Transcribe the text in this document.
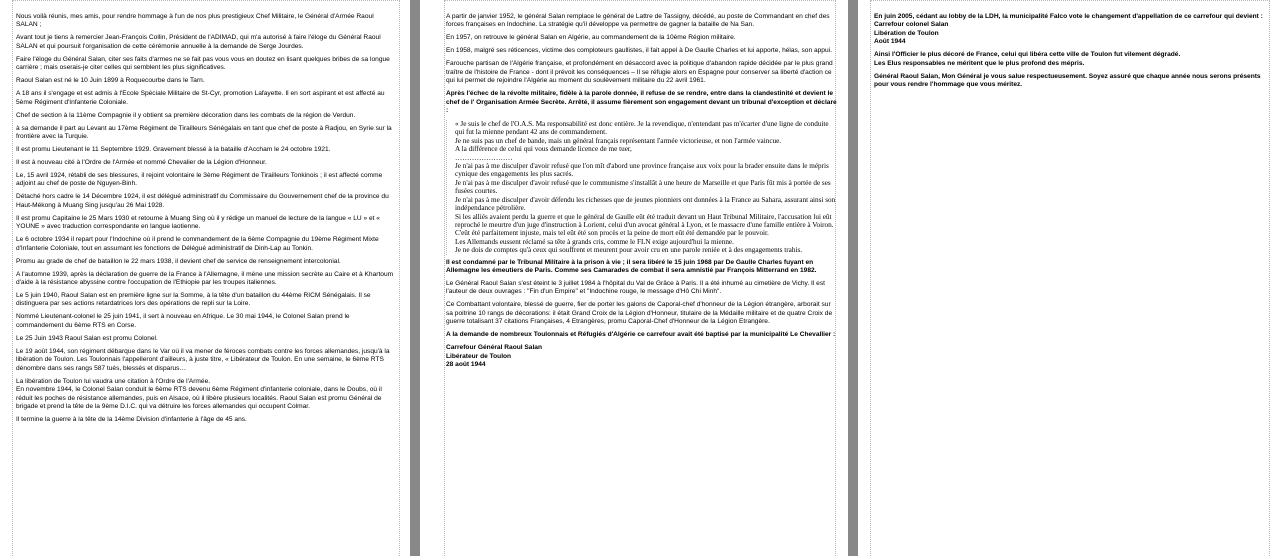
Nous voilà réunis, mes amis, pour rendre hommage à l'un de nos plus prestigieux Chef Militaire, le Général d'Armée Raoul SALAN ;

Avant tout je tiens à remercier Jean-François Collin, Président de l'ADIMAD, qui m'a autorisé à faire l'éloge du Général Raoul SALAN et qui poursuit l'organisation de cette cérémonie annuelle à la demande de Serge Jourdes.

Faire l'éloge du Général Salan, citer ses faits d'armes ne se fait pas vous vous en doutez en lisant quelques bribes de sa longue carrière ; mais oserais-je citer celles qui semblent les plus significatives.

Raoul Salan est né le 10 Juin 1899 à Roquecourbe dans le Tarn.

A 18 ans il s'engage et est admis à l'Ecole Spéciale Militaire de St-Cyr, promotion Lafayette. Il en sort aspirant et est affecté au 5ème Régiment d'Infanterie Coloniale.

Chef de section à la 11ème Compagnie il y obtient sa première décoration dans les combats de la région de Verdun.

à sa demande il part au Levant au 17ème Régiment de Tirailleurs Sénégalais en tant que chef de poste à Radjou, en Syrie sur la frontière avec la Turquie.

Il est promu Lieutenant le 11 Septembre 1929. Gravement blessé à la bataille d'Accham le 24 octobre 1921.

Il est à nouveau cité à l'Ordre de l'Armée et nommé Chevalier de la Légion d'Honneur.

Le, 15 avril 1924, rétabli de ses blessures, il rejoint volontaire le 3ème Régiment de Tirailleurs Tonkinois ; il est affecté comme adjoint au chef de poste de Nguyen-Binh.

Détaché hors cadre le 14 Décembre 1924, il est délégué administratif du Commissaire du Gouvernement chef de la province du Haut-Mékong à Muang Sing jusqu'au 26 Mai 1928.

Il est promu Capitaine le 25 Mars 1930 et retourne à Muang Sing où il y rédige un manuel de lecture de la langue « LU » et « YOUNE » avec traduction correspondante en langue laotienne.

Le 6 octobre 1934 il repart pour l'Indochine où il prend le commandement de la 6ème Compagnie du 19ème Régiment Mixte d'Infanterie Coloniale, tout en assumant les fonctions de Délégué administratif de Dinh-Lap au Tonkin.

Promu au grade de chef de bataillon le 22 mars 1938, il devient chef de service de renseignement intercolonial.

A l'automne 1939, après la déclaration de guerre de la France à l'Allemagne, il mène une mission secrète au Caire et à Khartoum d'aide à la résistance abyssine contre l'occupation de l'Ethiopie par les troupes italiennes.

Le 5 juin 1940, Raoul Salan est en première ligne sur la Somme, à la tête d'un bataillon du 44ème RICM Sénégalais. Il se distinguera par ses actions retardatrices lors des opérations de repli sur la Loire.

Nommé Lieutenant-colonel le 25 juin 1941, il sert à nouveau en Afrique. Le 30 mai 1944, le Colonel Salan prend le commandement du 6ème RTS en Corse.

Le 25 Juin 1943 Raoul Salan est promu Colonel.

Le 19 août 1944, son régiment débarque dans le Var où il va mener de féroces combats contre les forces allemandes, jusqu'à la libération de Toulon. Les Toulonnais l'appelleront d'ailleurs, à juste titre, « Libérateur de Toulon. En une semaine, le 6ème RTS dénombre dans ses rangs 587 tués, blessés et disparus…

La libération de Toulon lui vaudra une citation à l'Ordre de l'Armée.
En novembre 1944, le Colonel Salan conduit le 6ème RTS devenu 6ème Régiment d'infanterie coloniale, dans le Doubs, où il réduit les poches de résistance allemandes, puis en Alsace, où il libère plusieurs localités. Raoul Salan est promu Général de brigade et prend la tête de la 9ème D.I.C. qui va détruire les forces allemandes qui occupent Colmar.

Il termine la guerre à la tête de la 14ème Division d'infanterie à l'âge de 45 ans.

A partir de janvier 1952, le général Salan remplace le général de Lattre de Tassigny, décédé, au poste de Commandant en chef des forces françaises en Indochine. La stratégie qu'il développe va permettre de gagner la bataille de Na San.

En 1957, on retrouve le général Salan en Algérie, au commandement de la 10ème Région militaire.

En 1958, malgré ses réticences, victime des comploteurs gaullistes, il fait appel à De Gaulle Charles et lui apporte, hélas, son appui.

Farouche partisan de l'Algérie française, et profondément en désaccord avec la politique d'abandon rapide décidée par le plus grand traître de l'histoire de France - dont il prévoit les conséquences – Il se réfugie alors en Espagne pour conserver sa liberté d'action ce qui lui permet de rejoindre l'Algérie au moment du soulèvement militaire du 22 avril 1961.

Après l'échec de la révolte militaire, fidèle à la parole donnée, il refuse de se rendre, entre dans la clandestinité et devient le chef de l' Organisation Armée Secrète. Arrêté, il assume fièrement son engagement devant un tribunal d'exception et déclare :

« Je suis le chef de l'O.A.S. Ma responsabilité est donc entière. Je la revendique, n'entendant pas m'écarter d'une ligne de conduite qui fut la mienne pendant 42 ans de commandement.
Je ne suis pas un chef de bande, mais un général français représentant l'armée victorieuse, et non l'armée vaincue.
A la différence de celui qui vous demande licence de me tuer,
……………………
Je n'ai pas à me disculper d'avoir refusé que l'on mît d'abord une province française aux voix pour la brader ensuite dans le mépris cynique des engagements les plus sacrés.
Je n'ai pas à me disculper d'avoir refusé que le communisme s'installât à une heure de Marseille et que Paris fût mis à portée de ses fusées courtes.
Je n'ai pas à me disculper d'avoir défendu les richesses que de jeunes pionniers ont données à la France au Sahara, assurant ainsi son indépendance pétrolière.
Si les alliés avaient perdu la guerre et que le général de Gaulle eût été traduit devant un Haut Tribunal Militaire, l'accusation lui eût reproché le meurtre d'un juge d'instruction à Lorient, celui d'un avocat général à Lyon, et le massacre d'une famille entière à Voiron.
C'eût été parfaitement injuste, mais tel eût été son procès et la peine de mort eût été demandée par le pouvoir.
Les Allemands eussent réclamé sa tête à grands cris, comme le FLN exige aujourd'hui la mienne.
Je ne dois de comptes qu'à ceux qui souffrent et meurent pour avoir cru en une parole reniée et à des engagements trahis.

Il est condamné par le Tribunal Militaire à la prison à vie ; il sera libéré le 15 juin 1968 par De Gaulle Charles fuyant en Allemagne les émeutiers de Paris. Comme ses Camarades de combat il sera amnistié par François Mitterrand en 1982.

Le Général Raoul Salan s'est éteint le 3 juillet 1984 à l'hôpital du Val de Grâce à Paris. Il a été inhumé au cimetière de Vichy. Il est l'auteur de deux ouvrages : "Fin d'un Empire" et "Indochine rouge, le message d'Hô Chi Minh".

Ce Combattant volontaire, blessé de guerre, fier de porter les galons de Caporal-chef d'honneur de la Légion étrangère, arborait sur sa poitrine 10 rangs de décorations: il était Grand Croix de la Légion d'Honneur, titulaire de la Médaille militaire et de quatre Croix de guerre totalisant 37 citations Françaises, 4 Etrangères, promu Caporal-Chef d'Honneur de la Légion Etrangère.

A la demande de nombreux Toulonnais et Réfugiés d'Algérie ce carrefour avait été baptisé par la municipalité Le Chevallier :

Carrefour Général Raoul Salan
Libérateur de Toulon
28 août 1944

En juin 2005, cédant au lobby de la LDH, la municipalité Falco vote le changement d'appellation de ce carrefour qui devient :
Carrefour colonel Salan
Libération de Toulon
Août 1944

Ainsi l'Officier le plus décoré de France, celui qui libéra cette ville de Toulon fut vilement dégradé.
Les Elus responsables ne méritent que le plus profond des mépris.

Général Raoul Salan, Mon Général je vous salue respectueusement. Soyez assuré que chaque année nous serons présents pour vous rendre l'hommage que vous méritez.
